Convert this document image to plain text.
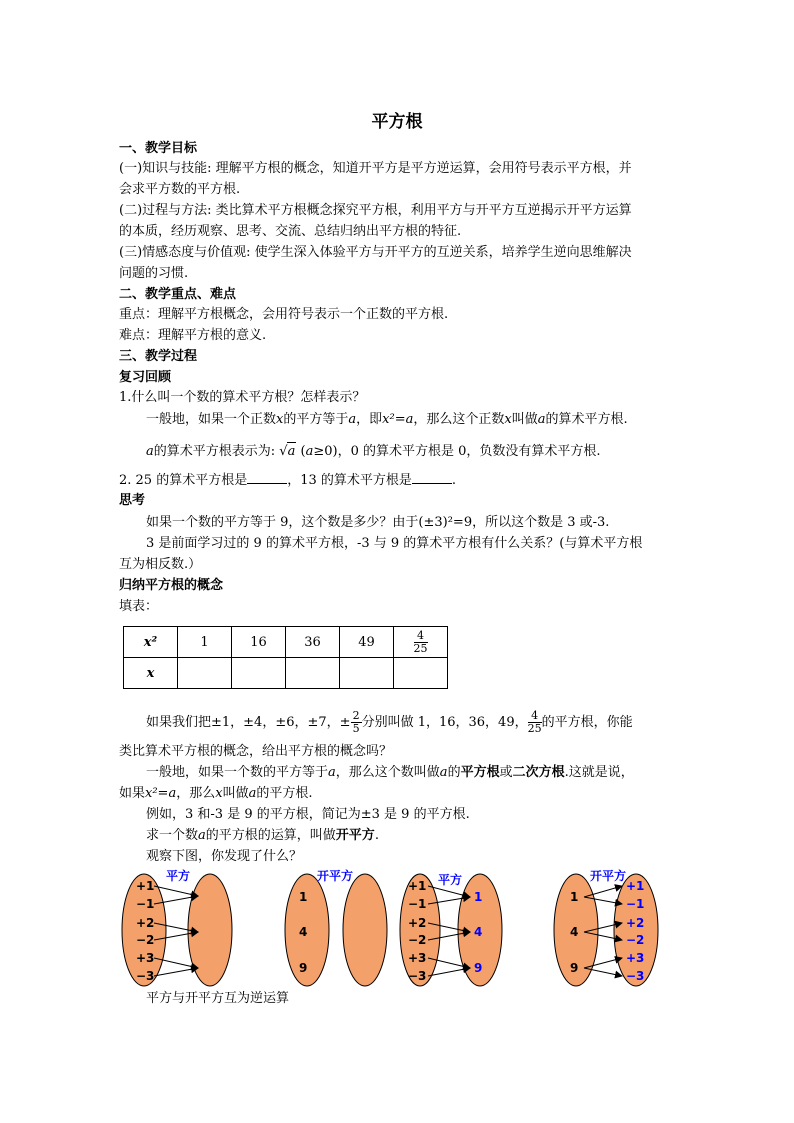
平方根
一、教学目标
(一)知识与技能: 理解平方根的概念，知道开平方是平方逆运算，会用符号表示平方根，并
会求平方数的平方根.
(二)过程与方法: 类比算术平方根概念探究平方根，利用平方与开平方互逆揭示开平方运算
的本质，经历观察、思考、交流、总结归纳出平方根的特征.
(三)情感态度与价值观: 使学生深入体验平方与开平方的互逆关系，培养学生逆向思维解决
问题的习惯.
二、教学重点、难点
重点：理解平方根概念，会用符号表示一个正数的平方根.
难点：理解平方根的意义.
三、教学过程
复习回顾
1.什么叫一个数的算术平方根？怎样表示？
一般地，如果一个正数x的平方等于a，即x²=a，那么这个正数x叫做a的算术平方根.
a的算术平方根表示为: √a (a≥0)，0 的算术平方根是 0，负数没有算术平方根.
2. 25 的算术平方根是	，13 的算术平方根是	.
思考
如果一个数的平方等于 9，这个数是多少？由于(±3)²=9，所以这个数是 3 或-3.
3 是前面学习过的 9 的算术平方根，-3 与 9 的算术平方根有什么关系？(与算术平方根
互为相反数.）
归纳平方根的概念
填表：
x²	1	16	36	49	$\frac{4}{25}$

x					
如果我们把±1，±4，±6，±7，± $\frac{2}{5}$ 分别叫做 1，16，36，49， $\frac{4}{25}$ 的平方根，你能
类比算术平方根的概念，给出平方根的概念吗？
一般地，如果一个数的平方等于a，那么这个数叫做a的平方根或二次方根.这就是说，
如果x²=a，那么x叫做a的平方根.
例如，3 和-3 是 9 的平方根，简记为±3 是 9 的平方根.
求一个数a的平方根的运算，叫做开平方.
观察下图，你发现了什么？
平方
+1
−1
+2
−2
+3
−3
开平方
1
4
9
平方
+1
−1
+2
−2
+3
−3
1
4
9
开平方
1
4
9
+1
−1
+2
−2
+3
−3
平方与开平方互为逆运算
